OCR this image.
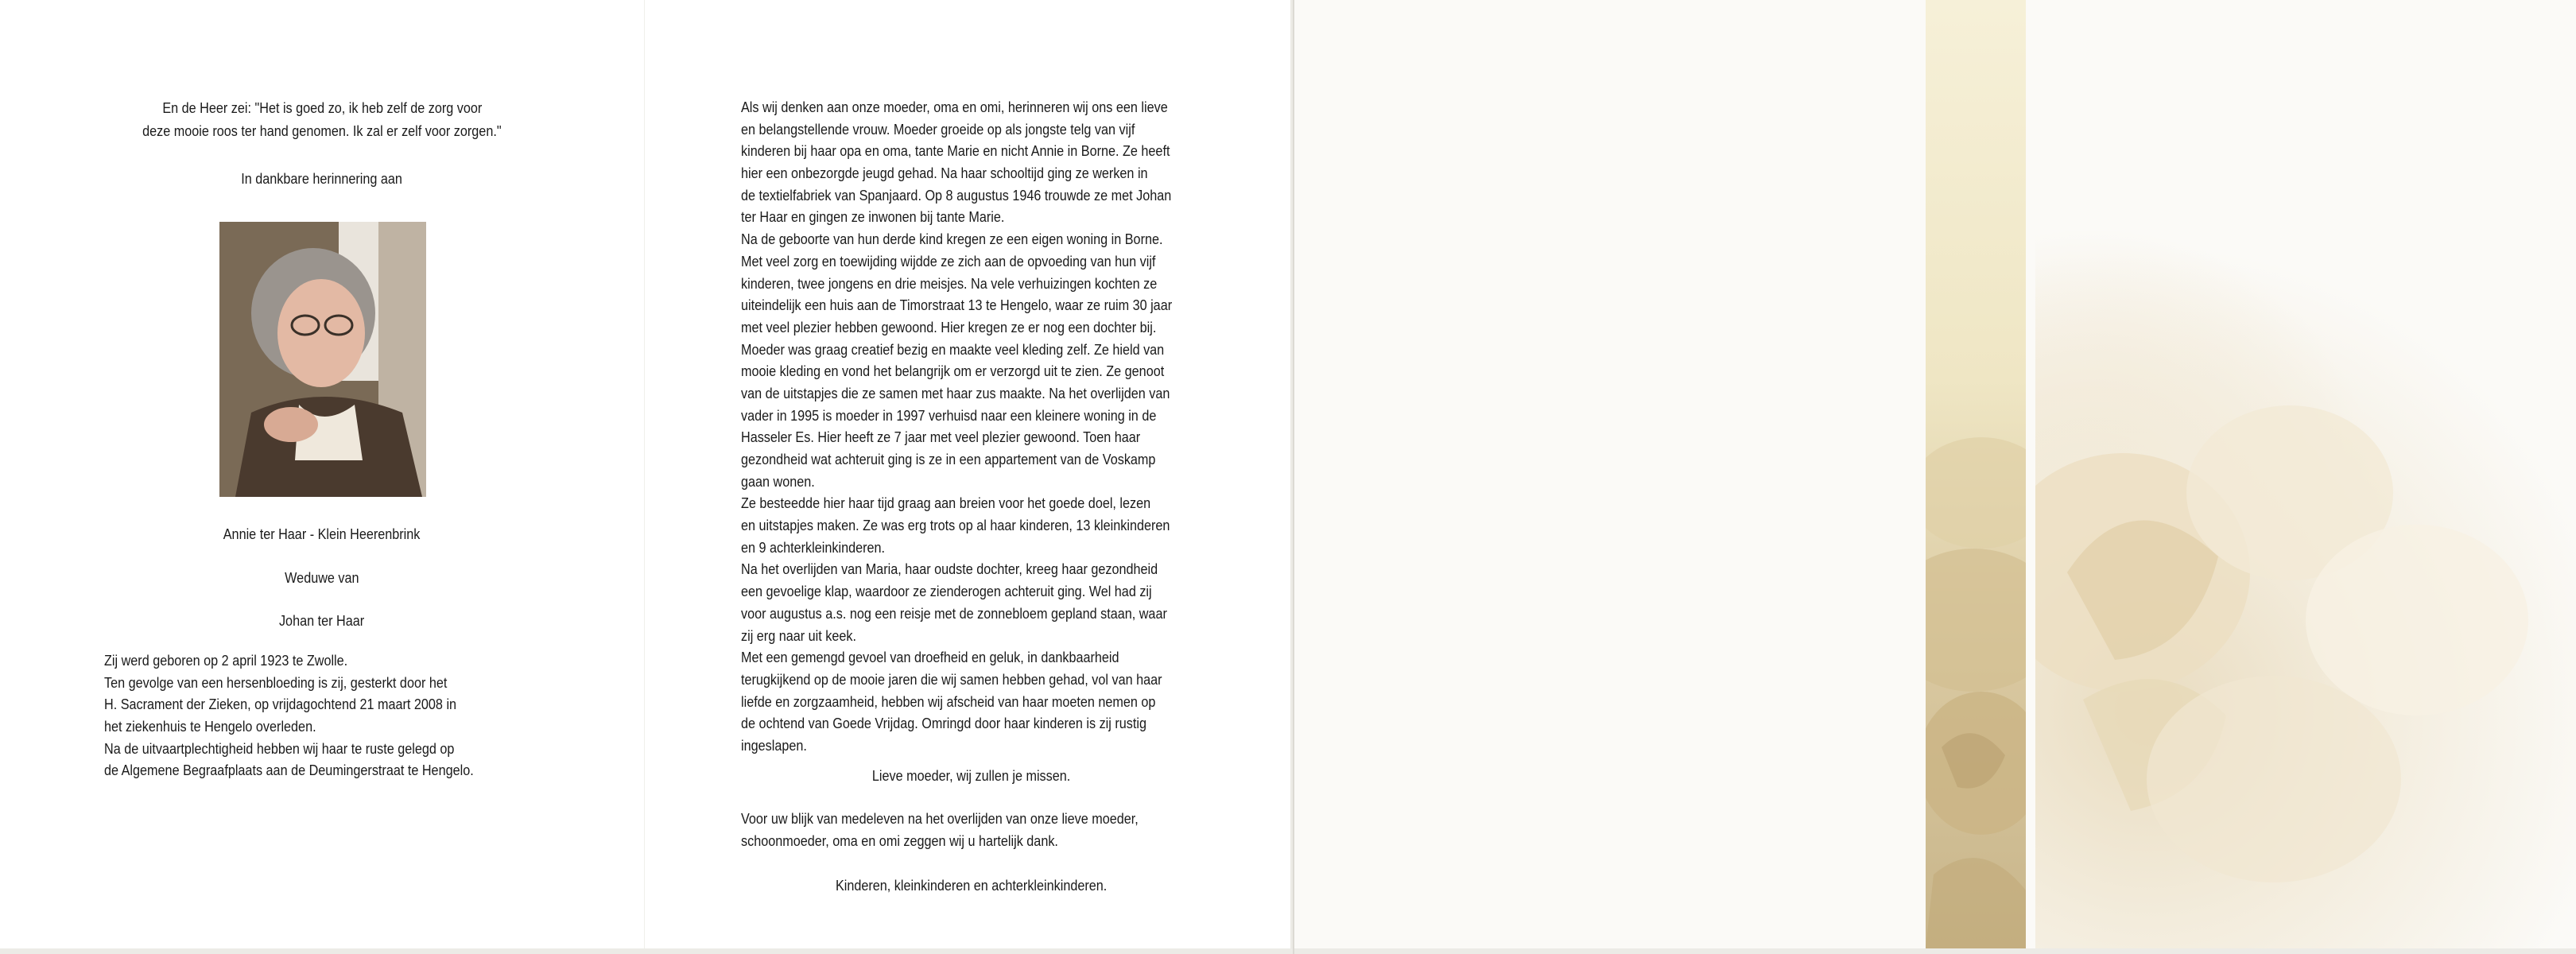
En de Heer zei: "Het is goed zo, ik heb zelf de zorg voor
deze mooie roos ter hand genomen. Ik zal er zelf voor zorgen."
In dankbare herinnering aan
Annie ter Haar - Klein Heerenbrink
Weduwe van
Johan ter Haar
Zij werd geboren op 2 april 1923 te Zwolle.
Ten gevolge van een hersenbloeding is zij, gesterkt door het
H. Sacrament der Zieken, op vrijdagochtend 21 maart 2008 in
het ziekenhuis te Hengelo overleden.
Na de uitvaartplechtigheid hebben wij haar te ruste gelegd op
de Algemene Begraafplaats aan de Deumingerstraat te Hengelo.
Als wij denken aan onze moeder, oma en omi, herinneren wij ons een lieve
en belangstellende vrouw. Moeder groeide op als jongste telg van vijf
kinderen bij haar opa en oma, tante Marie en nicht Annie in Borne. Ze heeft
hier een onbezorgde jeugd gehad. Na haar schooltijd ging ze werken in
de textielfabriek van Spanjaard. Op 8 augustus 1946 trouwde ze met Johan
ter Haar en gingen ze inwonen bij tante Marie.
Na de geboorte van hun derde kind kregen ze een eigen woning in Borne.
Met veel zorg en toewijding wijdde ze zich aan de opvoeding van hun vijf
kinderen, twee jongens en drie meisjes. Na vele verhuizingen kochten ze
uiteindelijk een huis aan de Timorstraat 13 te Hengelo, waar ze ruim 30 jaar
met veel plezier hebben gewoond. Hier kregen ze er nog een dochter bij.
Moeder was graag creatief bezig en maakte veel kleding zelf. Ze hield van
mooie kleding en vond het belangrijk om er verzorgd uit te zien. Ze genoot
van de uitstapjes die ze samen met haar zus maakte. Na het overlijden van
vader in 1995 is moeder in 1997 verhuisd naar een kleinere woning in de
Hasseler Es. Hier heeft ze 7 jaar met veel plezier gewoond. Toen haar
gezondheid wat achteruit ging is ze in een appartement van de Voskamp
gaan wonen.
Ze besteedde hier haar tijd graag aan breien voor het goede doel, lezen
en uitstapjes maken. Ze was erg trots op al haar kinderen, 13 kleinkinderen
en 9 achterkleinkinderen.
Na het overlijden van Maria, haar oudste dochter, kreeg haar gezondheid
een gevoelige klap, waardoor ze zienderogen achteruit ging. Wel had zij
voor augustus a.s. nog een reisje met de zonnebloem gepland staan, waar
zij erg naar uit keek.
Met een gemengd gevoel van droefheid en geluk, in dankbaarheid
terugkijkend op de mooie jaren die wij samen hebben gehad, vol van haar
liefde en zorgzaamheid, hebben wij afscheid van haar moeten nemen op
de ochtend van Goede Vrijdag. Omringd door haar kinderen is zij rustig
ingeslapen.
Lieve moeder, wij zullen je missen.
Voor uw blijk van medeleven na het overlijden van onze lieve moeder,
schoonmoeder, oma en omi zeggen wij u hartelijk dank.
Kinderen, kleinkinderen en achterkleinkinderen.
